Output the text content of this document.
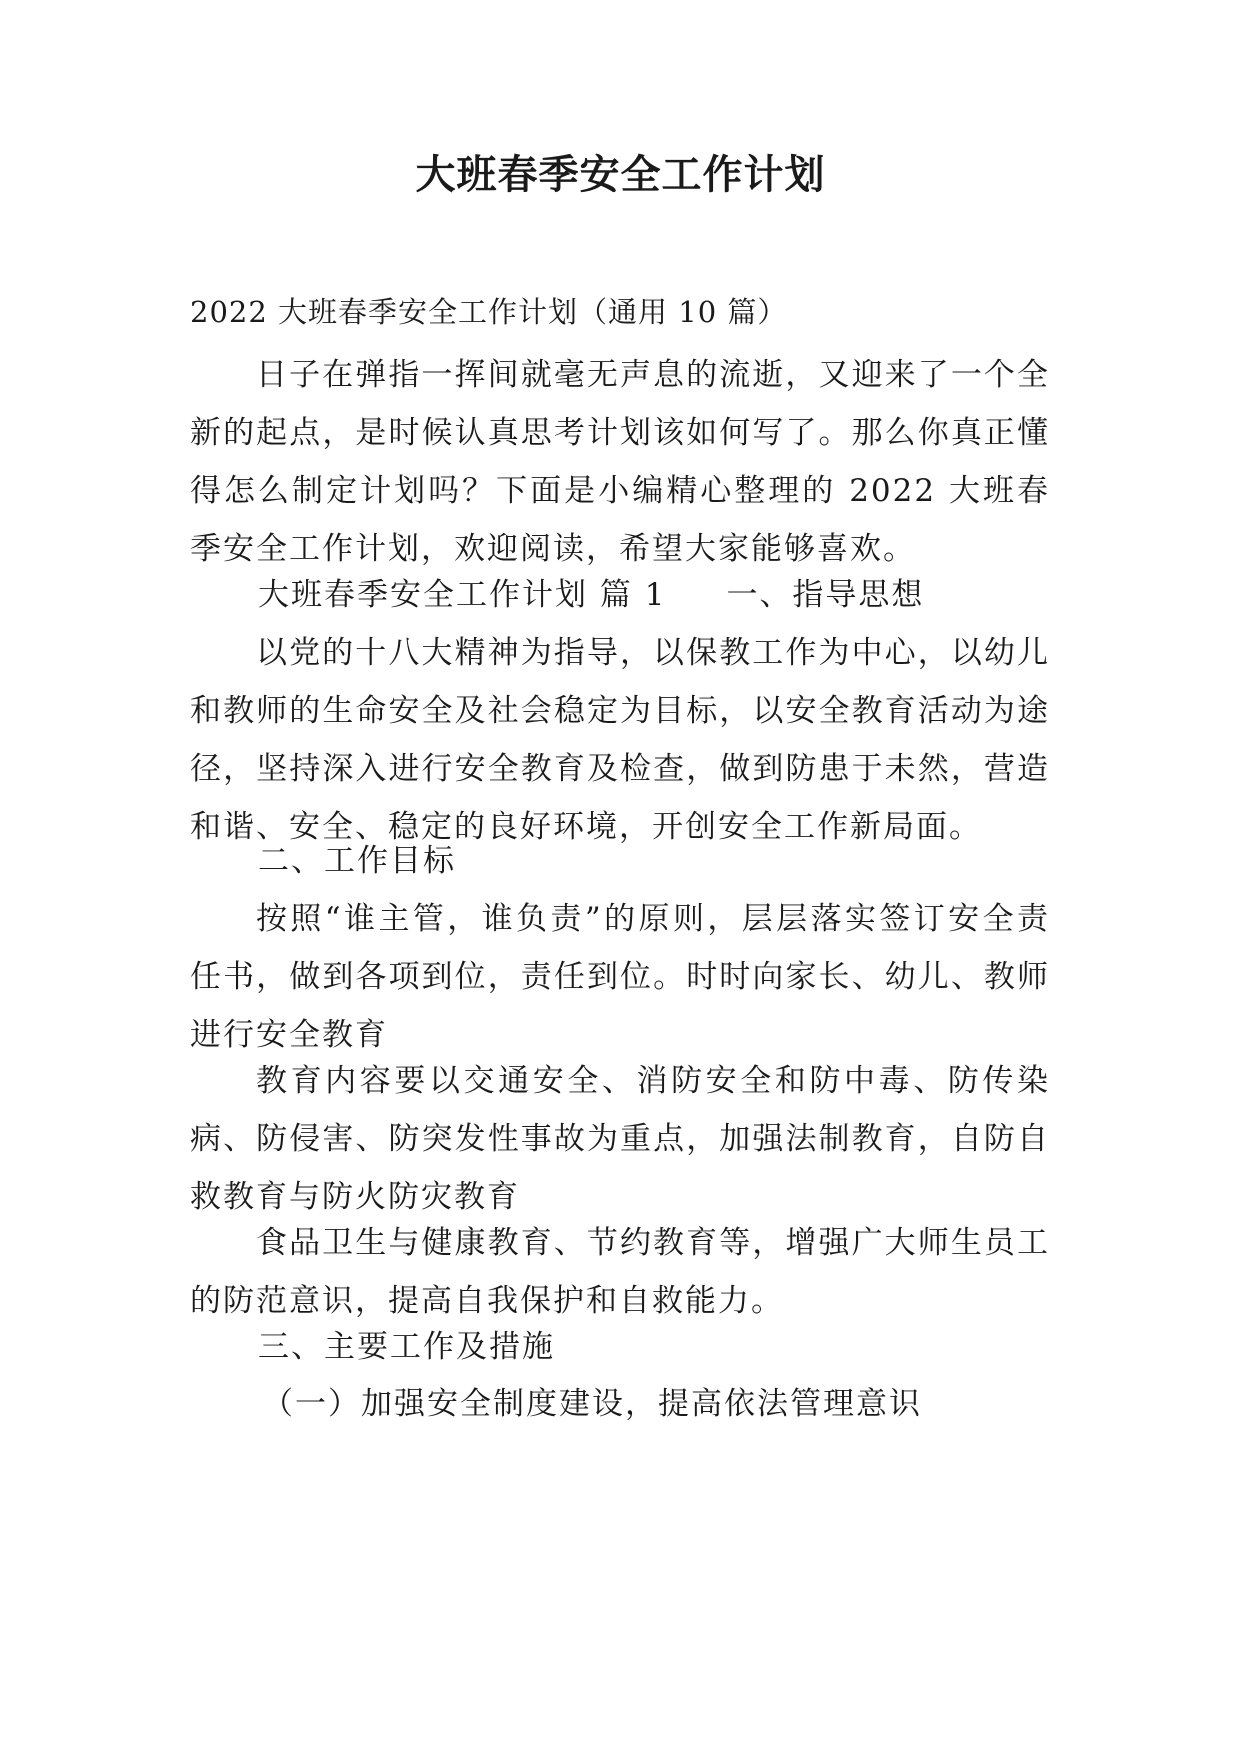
大班春季安全工作计划
2022 大班春季安全工作计划（通用 10 篇）

日子在弹指一挥间就毫无声息的流逝，又迎来了一个全新的起点，是时候认真思考计划该如何写了。那么你真正懂得怎么制定计划吗？下面是小编精心整理的 2022 大班春季安全工作计划，欢迎阅读，希望大家能够喜欢。

大班春季安全工作计划 篇 1 一、指导思想

以党的十八大精神为指导，以保教工作为中心，以幼儿和教师的生命安全及社会稳定为目标，以安全教育活动为途径，坚持深入进行安全教育及检查，做到防患于未然，营造和谐、安全、稳定的良好环境，开创安全工作新局面。

二、工作目标

按照“谁主管，谁负责”的原则，层层落实签订安全责任书，做到各项到位，责任到位。时时向家长、幼儿、教师进行安全教育

教育内容要以交通安全、消防安全和防中毒、防传染病、防侵害、防突发性事故为重点，加强法制教育，自防自救教育与防火防灾教育

食品卫生与健康教育、节约教育等，增强广大师生员工的防范意识，提高自我保护和自救能力。

三、主要工作及措施
（一）加强安全制度建设，提高依法管理意识
